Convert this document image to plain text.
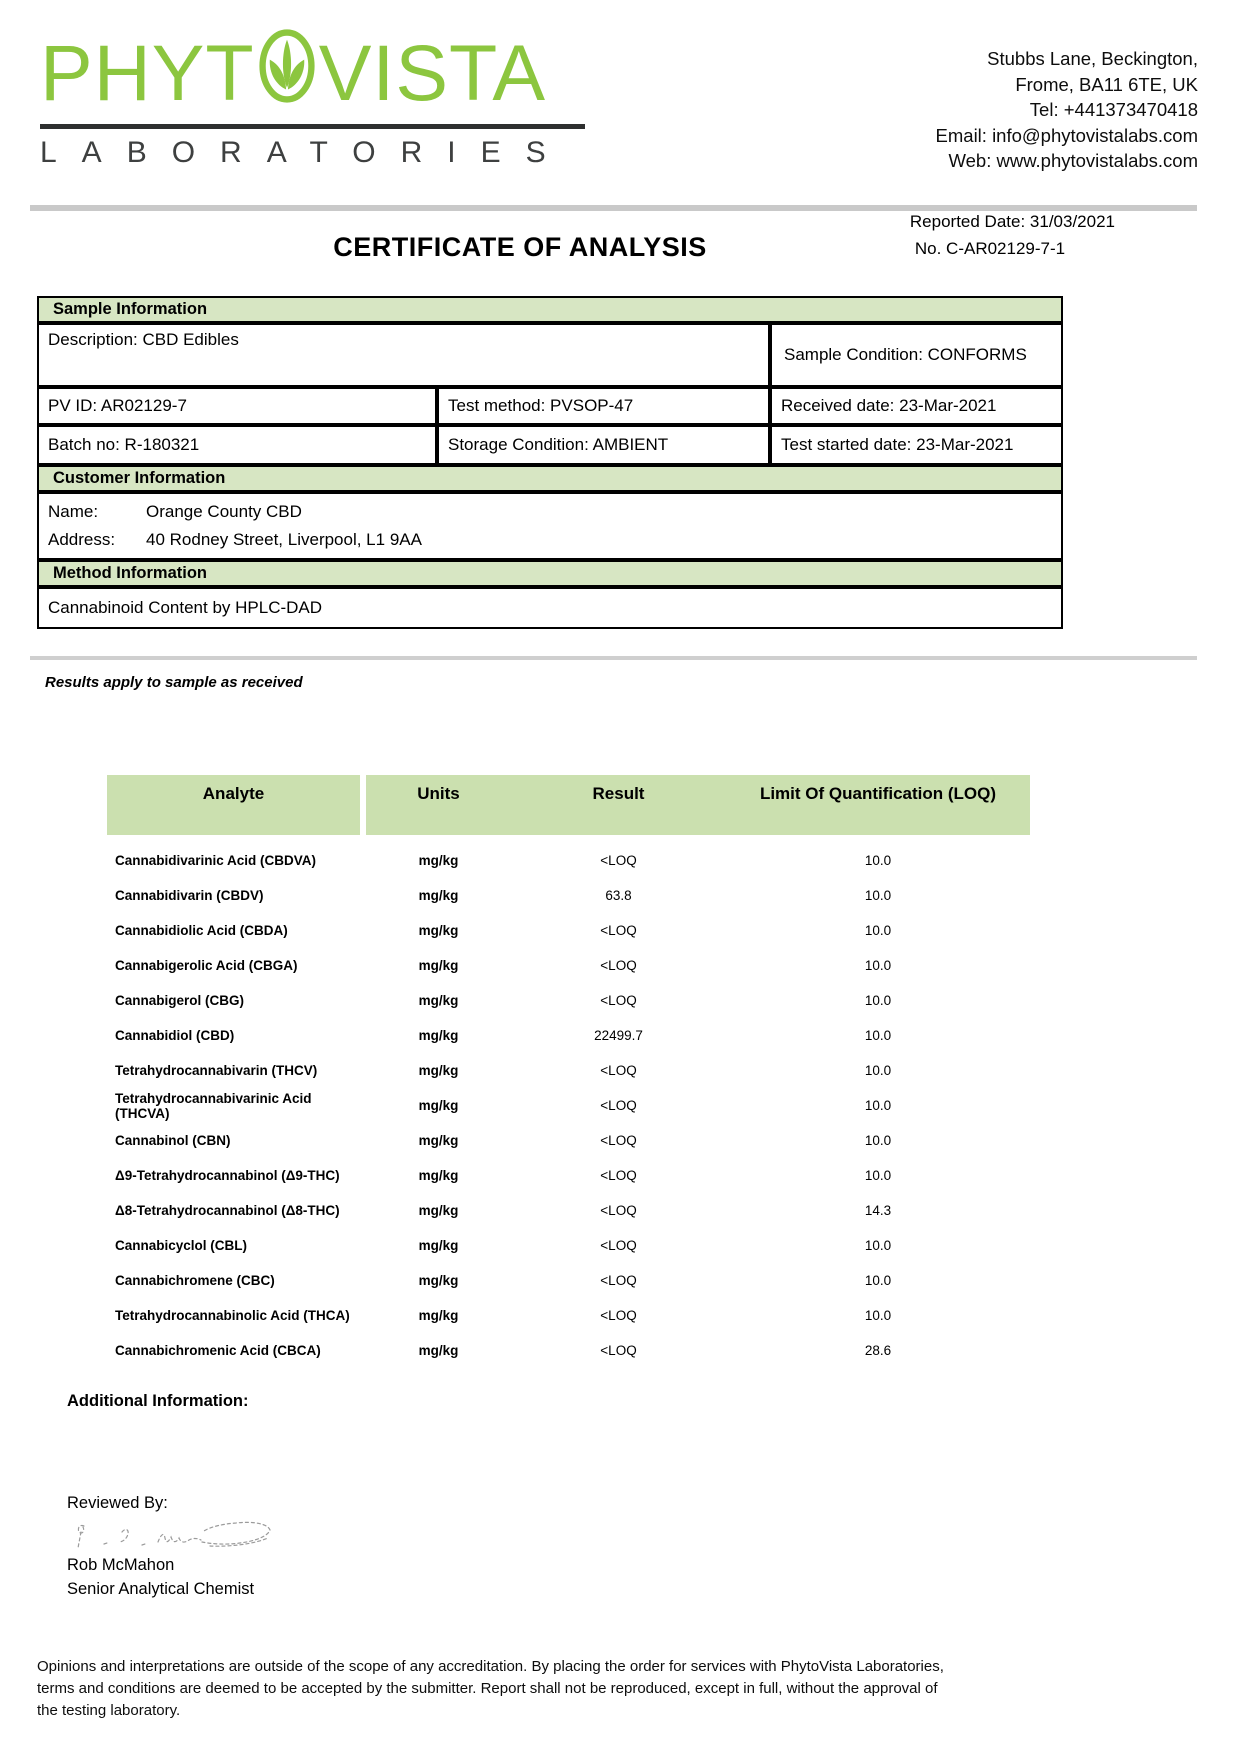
PHYT VISTA
LABORATORIES
Stubbs Lane, Beckington,
Frome, BA11 6TE, UK
Tel: +441373470418
Email: info@phytovistalabs.com
Web: www.phytovistalabs.com
Reported Date: 31/03/2021
No. C-AR02129-7-1
CERTIFICATE OF ANALYSIS
Sample Information
Description: CBD Edibles
Sample Condition: CONFORMS
PV ID: AR02129-7	Test method: PVSOP-47	Received date: 23-Mar-2021
Batch no: R-180321	Storage Condition: AMBIENT	Test started date: 23-Mar-2021
Customer Information
Name:	Orange County CBD
Address:	40 Rodney Street, Liverpool, L1 9AA
Method Information
Cannabinoid Content by HPLC-DAD
Results apply to sample as received
Analyte	Units	Result	Limit Of Quantification (LOQ)
Cannabidivarinic Acid (CBDVA)	mg/kg	<LOQ	10.0
Cannabidivarin (CBDV)	mg/kg	63.8	10.0
Cannabidiolic Acid (CBDA)	mg/kg	<LOQ	10.0
Cannabigerolic Acid (CBGA)	mg/kg	<LOQ	10.0
Cannabigerol (CBG)	mg/kg	<LOQ	10.0
Cannabidiol (CBD)	mg/kg	22499.7	10.0
Tetrahydrocannabivarin (THCV)	mg/kg	<LOQ	10.0
Tetrahydrocannabivarinic Acid (THCVA)	mg/kg	<LOQ	10.0
Cannabinol (CBN)	mg/kg	<LOQ	10.0
Δ9-Tetrahydrocannabinol (Δ9-THC)	mg/kg	<LOQ	10.0
Δ8-Tetrahydrocannabinol (Δ8-THC)	mg/kg	<LOQ	14.3
Cannabicyclol (CBL)	mg/kg	<LOQ	10.0
Cannabichromene (CBC)	mg/kg	<LOQ	10.0
Tetrahydrocannabinolic Acid (THCA)	mg/kg	<LOQ	10.0
Cannabichromenic Acid (CBCA)	mg/kg	<LOQ	28.6
Additional Information:
Reviewed By:
Rob McMahon
Senior Analytical Chemist
Opinions and interpretations are outside of the scope of any accreditation. By placing the order for services with PhytoVista Laboratories,
terms and conditions are deemed to be accepted by the submitter. Report shall not be reproduced, except in full, without the approval of
the testing laboratory.
